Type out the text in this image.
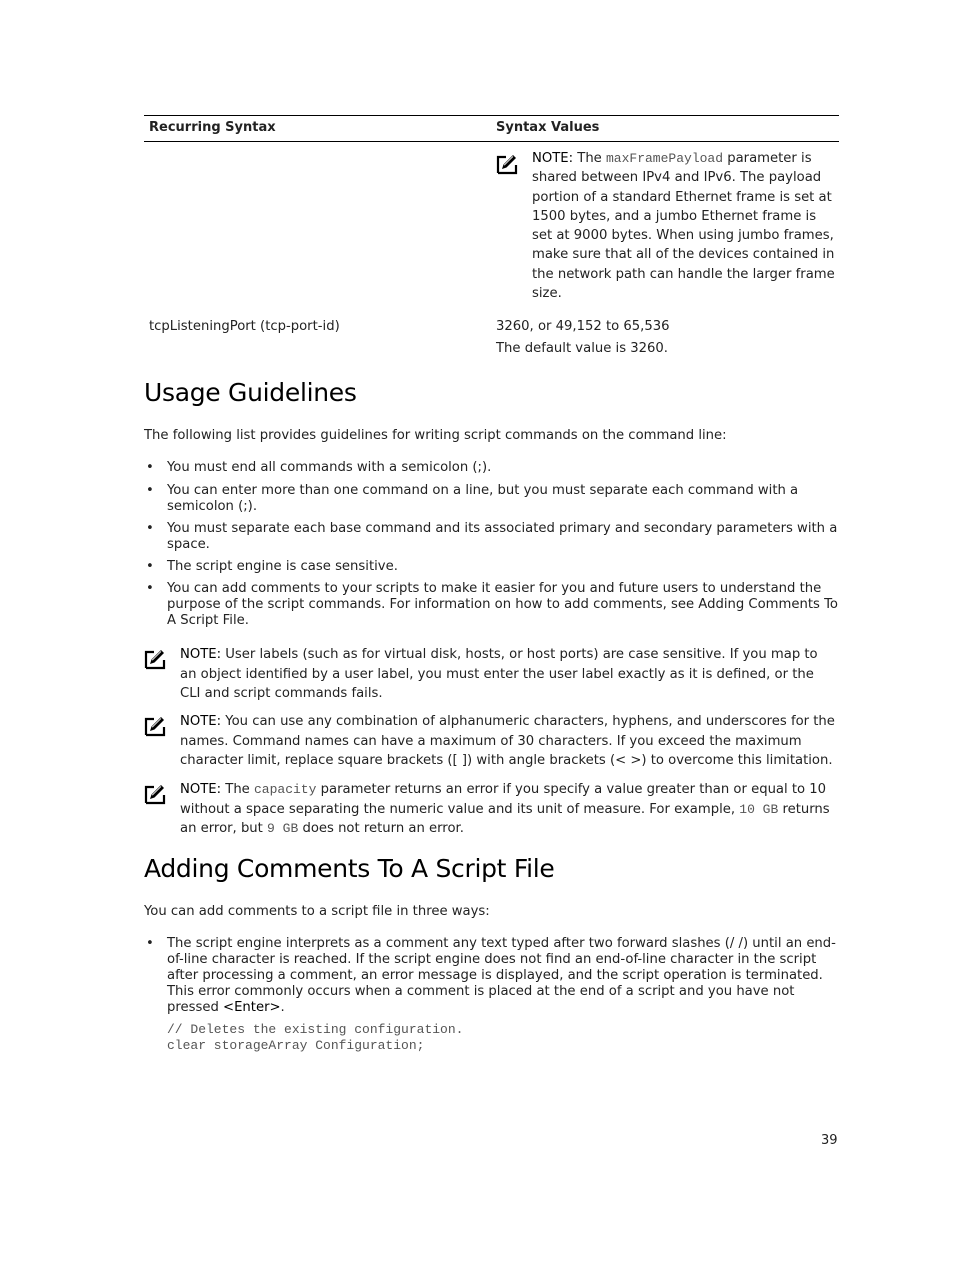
Recurring Syntax	Syntax Values
NOTE: The maxFramePayload parameter is shared between IPv4 and IPv6. The payload portion of a standard Ethernet frame is set at 1500 bytes, and a jumbo Ethernet frame is set at 9000 bytes. When using jumbo frames, make sure that all of the devices contained in the network path can handle the larger frame size.
tcpListeningPort (tcp-port-id)	3260, or 49,152 to 65,536
The default value is 3260.
Usage Guidelines
The following list provides guidelines for writing script commands on the command line:
• You must end all commands with a semicolon (;).
• You can enter more than one command on a line, but you must separate each command with a semicolon (;).
• You must separate each base command and its associated primary and secondary parameters with a space.
• The script engine is case sensitive.
• You can add comments to your scripts to make it easier for you and future users to understand the purpose of the script commands. For information on how to add comments, see Adding Comments To A Script File.
NOTE: User labels (such as for virtual disk, hosts, or host ports) are case sensitive. If you map to an object identified by a user label, you must enter the user label exactly as it is defined, or the CLI and script commands fails.
NOTE: You can use any combination of alphanumeric characters, hyphens, and underscores for the names. Command names can have a maximum of 30 characters. If you exceed the maximum character limit, replace square brackets ([ ]) with angle brackets (< >) to overcome this limitation.
NOTE: The capacity parameter returns an error if you specify a value greater than or equal to 10 without a space separating the numeric value and its unit of measure. For example, 10 GB returns an error, but 9 GB does not return an error.
Adding Comments To A Script File
You can add comments to a script file in three ways:
• The script engine interprets as a comment any text typed after two forward slashes (/ /) until an end-of-line character is reached. If the script engine does not find an end-of-line character in the script after processing a comment, an error message is displayed, and the script operation is terminated. This error commonly occurs when a comment is placed at the end of a script and you have not pressed <Enter>.
// Deletes the existing configuration.
clear storageArray Configuration;
39
